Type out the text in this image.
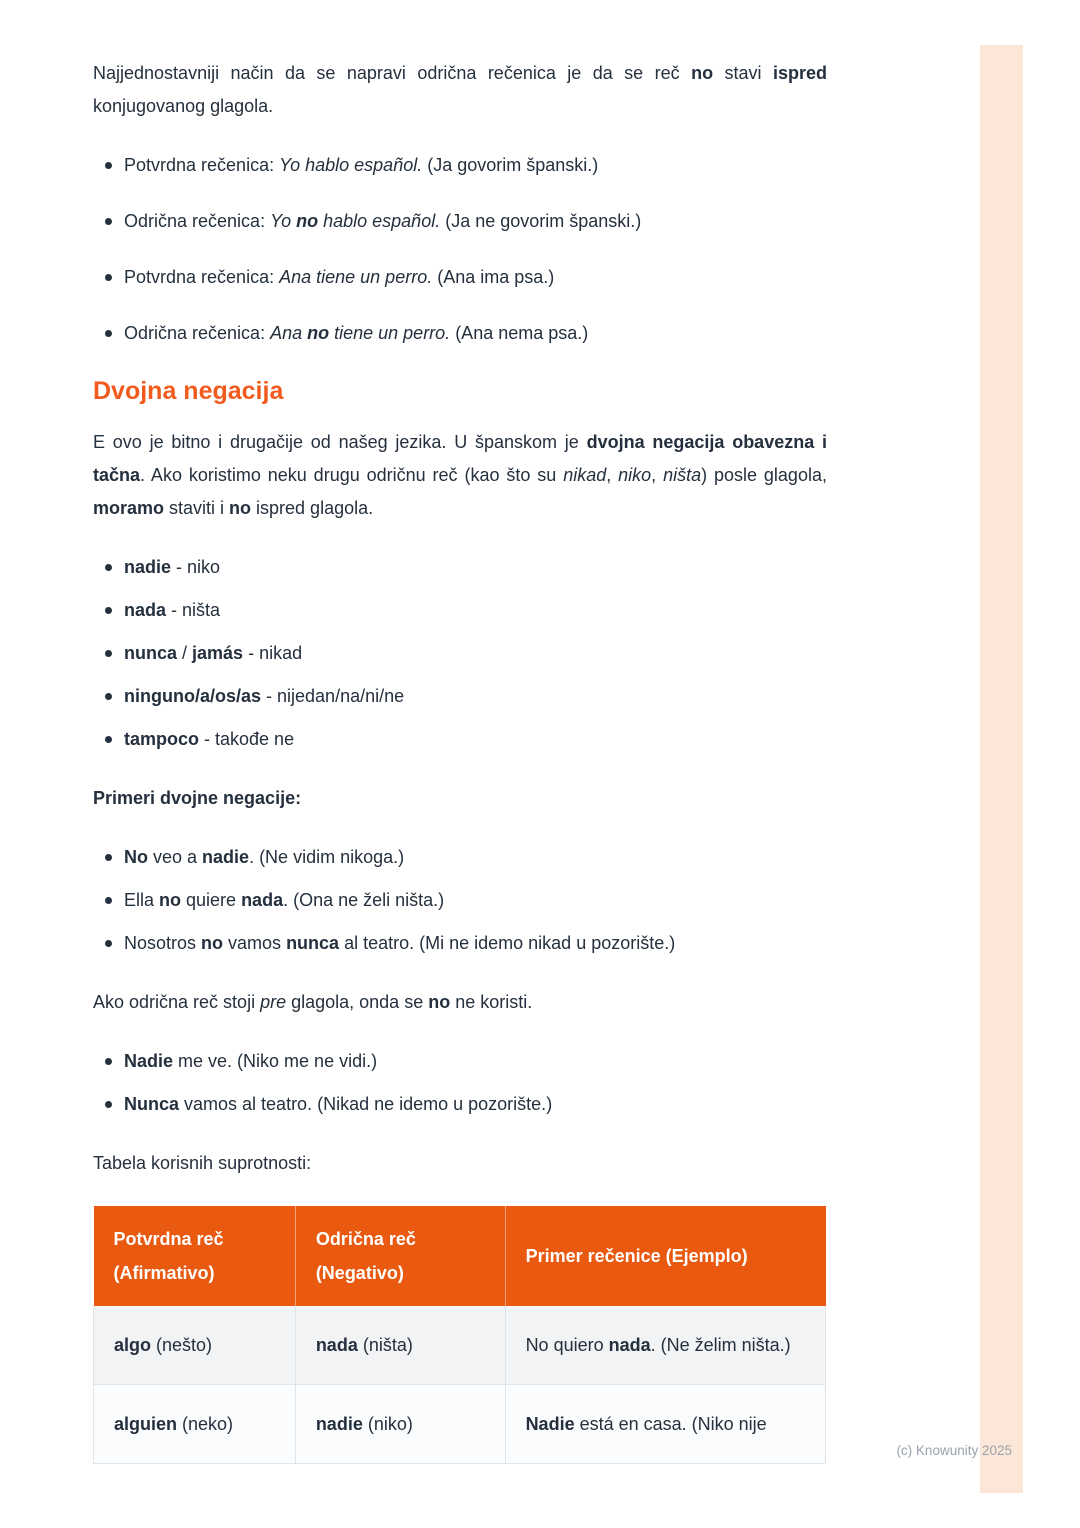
Najjednostavniji način da se napravi odrična rečenica je da se reč no stavi ispred konjugovanog glagola.

Potvrdna rečenica: Yo hablo español. (Ja govorim španski.)
Odrična rečenica: Yo no hablo español. (Ja ne govorim španski.)
Potvrdna rečenica: Ana tiene un perro. (Ana ima psa.)
Odrična rečenica: Ana no tiene un perro. (Ana nema psa.)
Dvojna negacija

E ovo je bitno i drugačije od našeg jezika. U španskom je dvojna negacija obavezna i tačna. Ako koristimo neku drugu odričnu reč (kao što su nikad, niko, ništa) posle glagola, moramo staviti i no ispred glagola.

nadie - niko
nada - ništa
nunca / jamás - nikad
ninguno/a/os/as - nijedan/na/ni/ne
tampoco - takođe ne

Primeri dvojne negacije:

No veo a nadie. (Ne vidim nikoga.)
Ella no quiere nada. (Ona ne želi ništa.)
Nosotros no vamos nunca al teatro. (Mi ne idemo nikad u pozorište.)

Ako odrična reč stoji pre glagola, onda se no ne koristi.

Nadie me ve. (Niko me ne vidi.)
Nunca vamos al teatro. (Nikad ne idemo u pozorište.)

Tabela korisnih suprotnosti:

Potvrdna reč (Afirmativo)	Odrična reč (Negativo)	Primer rečenice (Ejemplo)
algo (nešto)	nada (ništa)	No quiero nada. (Ne želim ništa.)
alguien (neko)	nadie (niko)	Nadie está en casa. (Niko nije
(c) Knowunity 2025
